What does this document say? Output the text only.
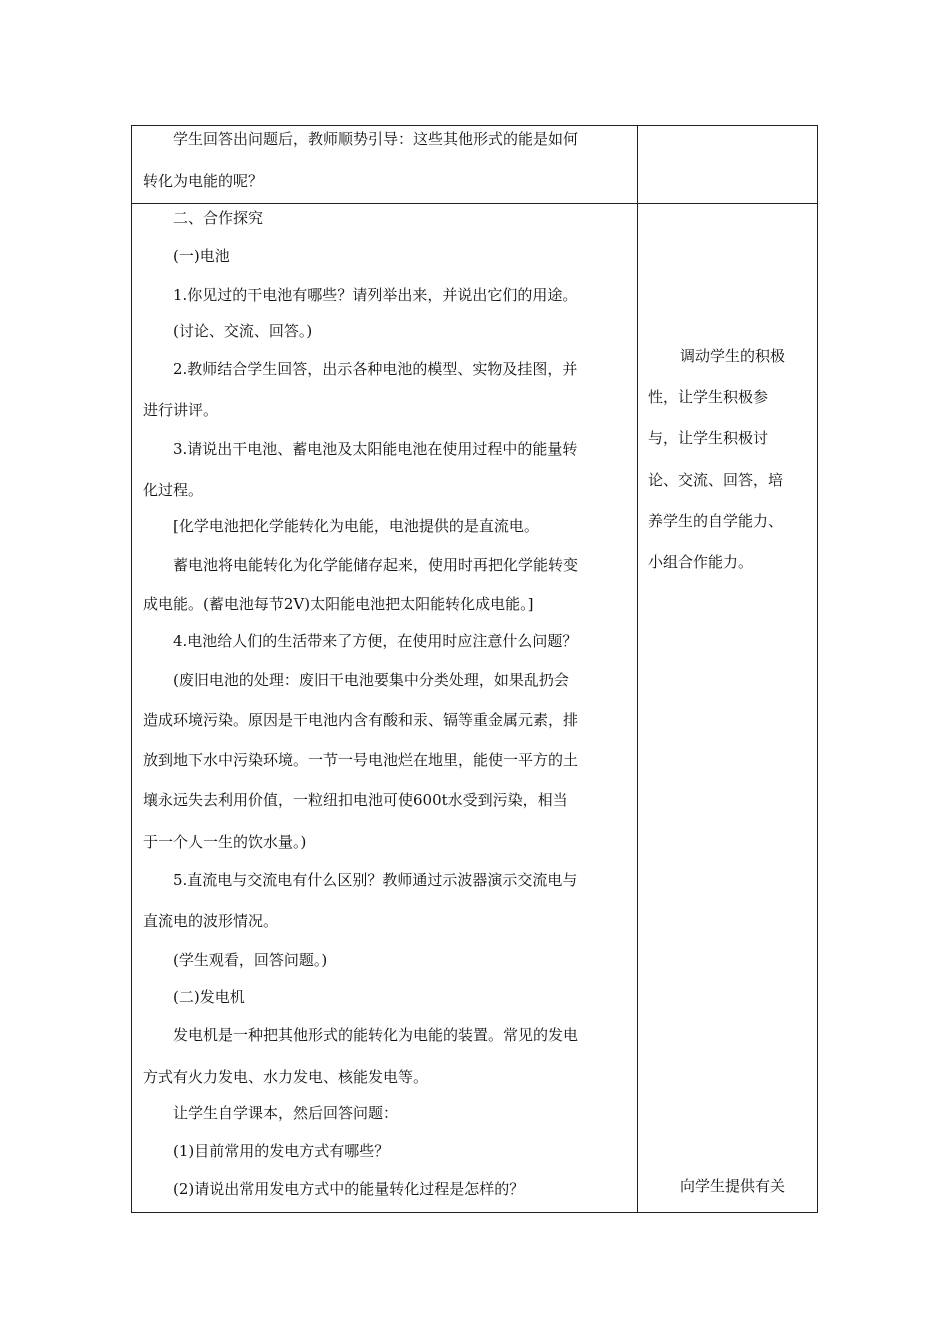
学生回答出问题后，教师顺势引导：这些其他形式的能是如何
转化为电能的呢？
二、合作探究
(一)电池
1.你见过的干电池有哪些？请列举出来，并说出它们的用途。
(讨论、交流、回答。)
2.教师结合学生回答，出示各种电池的模型、实物及挂图，并
进行讲评。
3.请说出干电池、蓄电池及太阳能电池在使用过程中的能量转
化过程。
[化学电池把化学能转化为电能，电池提供的是直流电。
蓄电池将电能转化为化学能储存起来，使用时再把化学能转变
成电能。(蓄电池每节2V)太阳能电池把太阳能转化成电能。]
4.电池给人们的生活带来了方便，在使用时应注意什么问题？
(废旧电池的处理：废旧干电池要集中分类处理，如果乱扔会
造成环境污染。原因是干电池内含有酸和汞、镉等重金属元素，排
放到地下水中污染环境。一节一号电池烂在地里，能使一平方的土
壤永远失去利用价值，一粒纽扣电池可使600t水受到污染，相当
于一个人一生的饮水量。)
5.直流电与交流电有什么区别？教师通过示波器演示交流电与
直流电的波形情况。
(学生观看，回答问题。)
(二)发电机
发电机是一种把其他形式的能转化为电能的装置。常见的发电
方式有火力发电、水力发电、核能发电等。
让学生自学课本，然后回答问题：
(1)目前常用的发电方式有哪些？
(2)请说出常用发电方式中的能量转化过程是怎样的？
调动学生的积极
性，让学生积极参
与，让学生积极讨
论、交流、回答，培
养学生的自学能力、
小组合作能力。
向学生提供有关
